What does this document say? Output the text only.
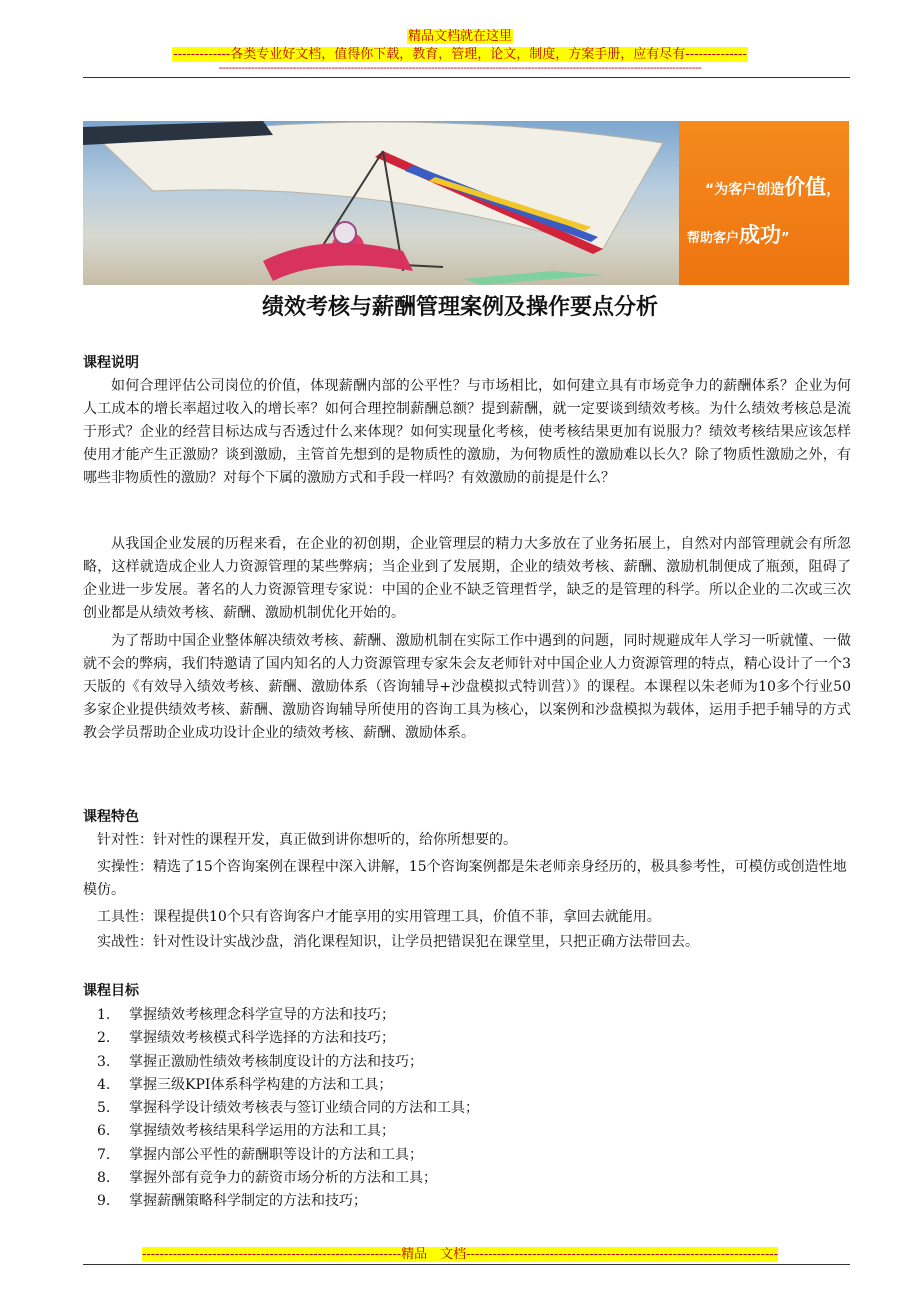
精品文档就在这里
-------------各类专业好文档，值得你下载，教育，管理，论文，制度，方案手册，应有尽有--------------
------------------------------------------------------------------------------------------------------------------------------------------------------
“为客户创造价值，
帮助客户成功”
绩效考核与薪酬管理案例及操作要点分析
课程说明

如何合理评估公司岗位的价值，体现薪酬内部的公平性？与市场相比，如何建立具有市场竞争力的薪酬体系？企业为何人工成本的增长率超过收入的增长率？如何合理控制薪酬总额？提到薪酬，就一定要谈到绩效考核。为什么绩效考核总是流于形式？企业的经营目标达成与否透过什么来体现？如何实现量化考核，使考核结果更加有说服力？绩效考核结果应该怎样使用才能产生正激励？谈到激励，主管首先想到的是物质性的激励，为何物质性的激励难以长久？除了物质性激励之外，有哪些非物质性的激励？对每个下属的激励方式和手段一样吗？有效激励的前提是什么？

从我国企业发展的历程来看，在企业的初创期，企业管理层的精力大多放在了业务拓展上，自然对内部管理就会有所忽略，这样就造成企业人力资源管理的某些弊病；当企业到了发展期，企业的绩效考核、薪酬、激励机制便成了瓶颈，阻碍了企业进一步发展。著名的人力资源管理专家说：中国的企业不缺乏管理哲学，缺乏的是管理的科学。所以企业的二次或三次创业都是从绩效考核、薪酬、激励机制优化开始的。

为了帮助中国企业整体解决绩效考核、薪酬、激励机制在实际工作中遇到的问题，同时规避成年人学习一听就懂、一做就不会的弊病，我们特邀请了国内知名的人力资源管理专家朱会友老师针对中国企业人力资源管理的特点，精心设计了一个3天版的《有效导入绩效考核、薪酬、激励体系（咨询辅导+沙盘模拟式特训营）》的课程。本课程以朱老师为10多个行业50多家企业提供绩效考核、薪酬、激励咨询辅导所使用的咨询工具为核心，以案例和沙盘模拟为载体，运用手把手辅导的方式教会学员帮助企业成功设计企业的绩效考核、薪酬、激励体系。

课程特色

针对性：针对性的课程开发，真正做到讲你想听的，给你所想要的。

实操性：精选了15个咨询案例在课程中深入讲解，15个咨询案例都是朱老师亲身经历的，极具参考性，可模仿或创造性地模仿。

工具性：课程提供10个只有咨询客户才能享用的实用管理工具，价值不菲，拿回去就能用。

实战性：针对性设计实战沙盘，消化课程知识，让学员把错误犯在课堂里，只把正确方法带回去。

课程目标
1. 掌握绩效考核理念科学宣导的方法和技巧；
2. 掌握绩效考核模式科学选择的方法和技巧；
3. 掌握正激励性绩效考核制度设计的方法和技巧；
4. 掌握三级KPI体系科学构建的方法和工具；
5. 掌握科学设计绩效考核表与签订业绩合同的方法和工具；
6. 掌握绩效考核结果科学运用的方法和工具；
7. 掌握内部公平性的薪酬职等设计的方法和工具；
8. 掌握外部有竞争力的薪资市场分析的方法和工具；
9. 掌握薪酬策略科学制定的方法和技巧；
-----------------------------------------------------------精品　文档-----------------------------------------------------------------------
